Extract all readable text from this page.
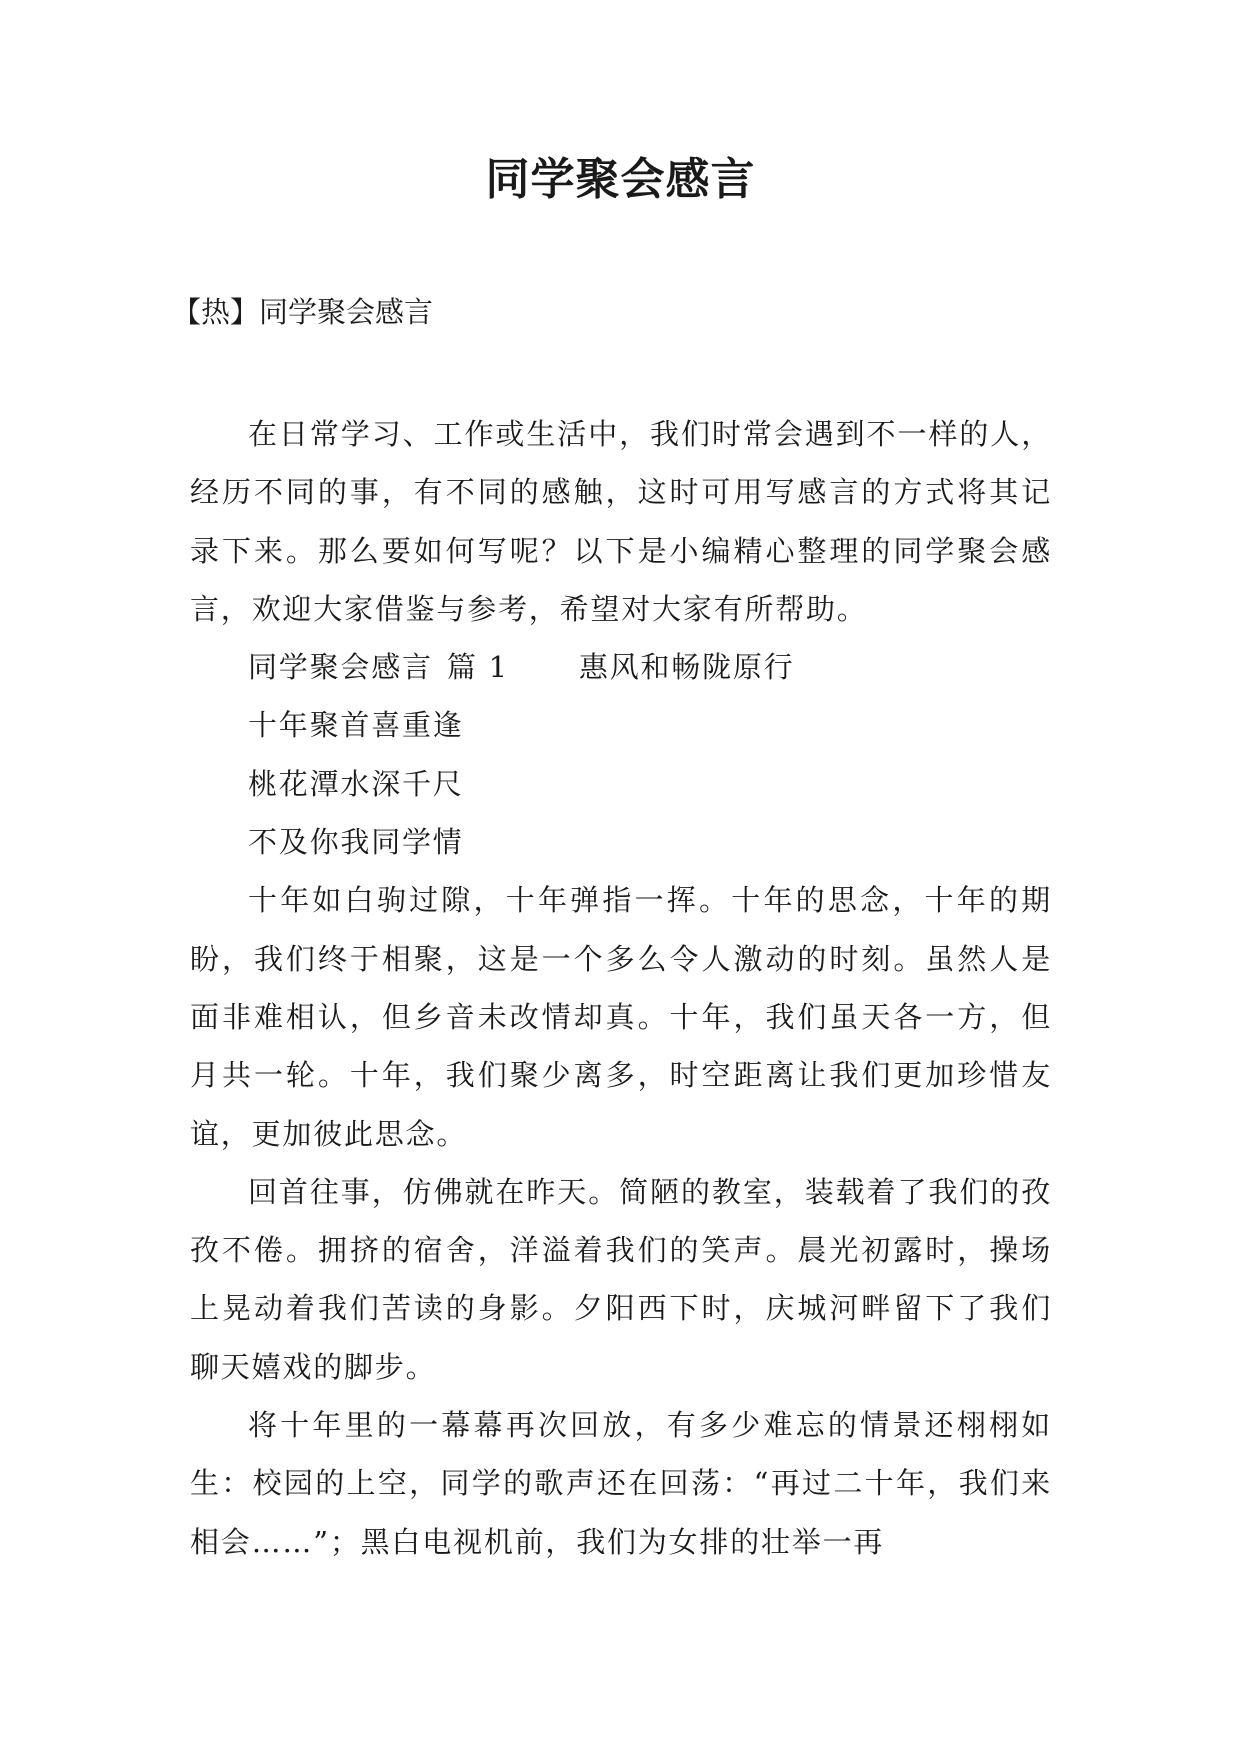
同学聚会感言

【热】同学聚会感言

在日常学习、工作或生活中，我们时常会遇到不一样的人，经历不同的事，有不同的感触，这时可用写感言的方式将其记录下来。那么要如何写呢？以下是小编精心整理的同学聚会感言，欢迎大家借鉴与参考，希望对大家有所帮助。

同学聚会感言 篇 1 惠风和畅陇原行

十年聚首喜重逢

桃花潭水深千尺

不及你我同学情

十年如白驹过隙，十年弹指一挥。十年的思念，十年的期盼，我们终于相聚，这是一个多么令人激动的时刻。虽然人是面非难相认，但乡音未改情却真。十年，我们虽天各一方，但月共一轮。十年，我们聚少离多，时空距离让我们更加珍惜友谊，更加彼此思念。

回首往事，仿佛就在昨天。简陋的教室，装载着了我们的孜孜不倦。拥挤的宿舍，洋溢着我们的笑声。晨光初露时，操场上晃动着我们苦读的身影。夕阳西下时，庆城河畔留下了我们聊天嬉戏的脚步。

将十年里的一幕幕再次回放，有多少难忘的情景还栩栩如生：校园的上空，同学的歌声还在回荡：“再过二十年，我们来相会……”；黑白电视机前，我们为女排的壮举一再
